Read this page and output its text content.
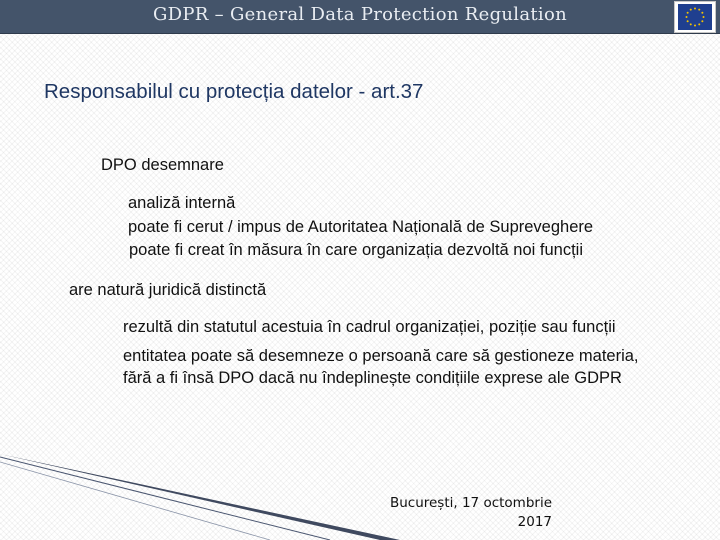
GDPR – General Data Protection Regulation
Responsabilul cu protecția datelor - art.37
DPO desemnare
analiză internă
poate fi cerut / impus de Autoritatea Națională de Supreveghere
poate fi creat în măsura în care organizația dezvoltă noi funcții
are natură juridică distinctă
rezultă din statutul acestuia în cadrul organizației, poziție sau funcții
entitatea poate să desemneze o persoană care să gestioneze materia,
fără a fi însă DPO dacă nu îndeplinește condițiile exprese ale GDPR
București, 17 octombrie
2017
